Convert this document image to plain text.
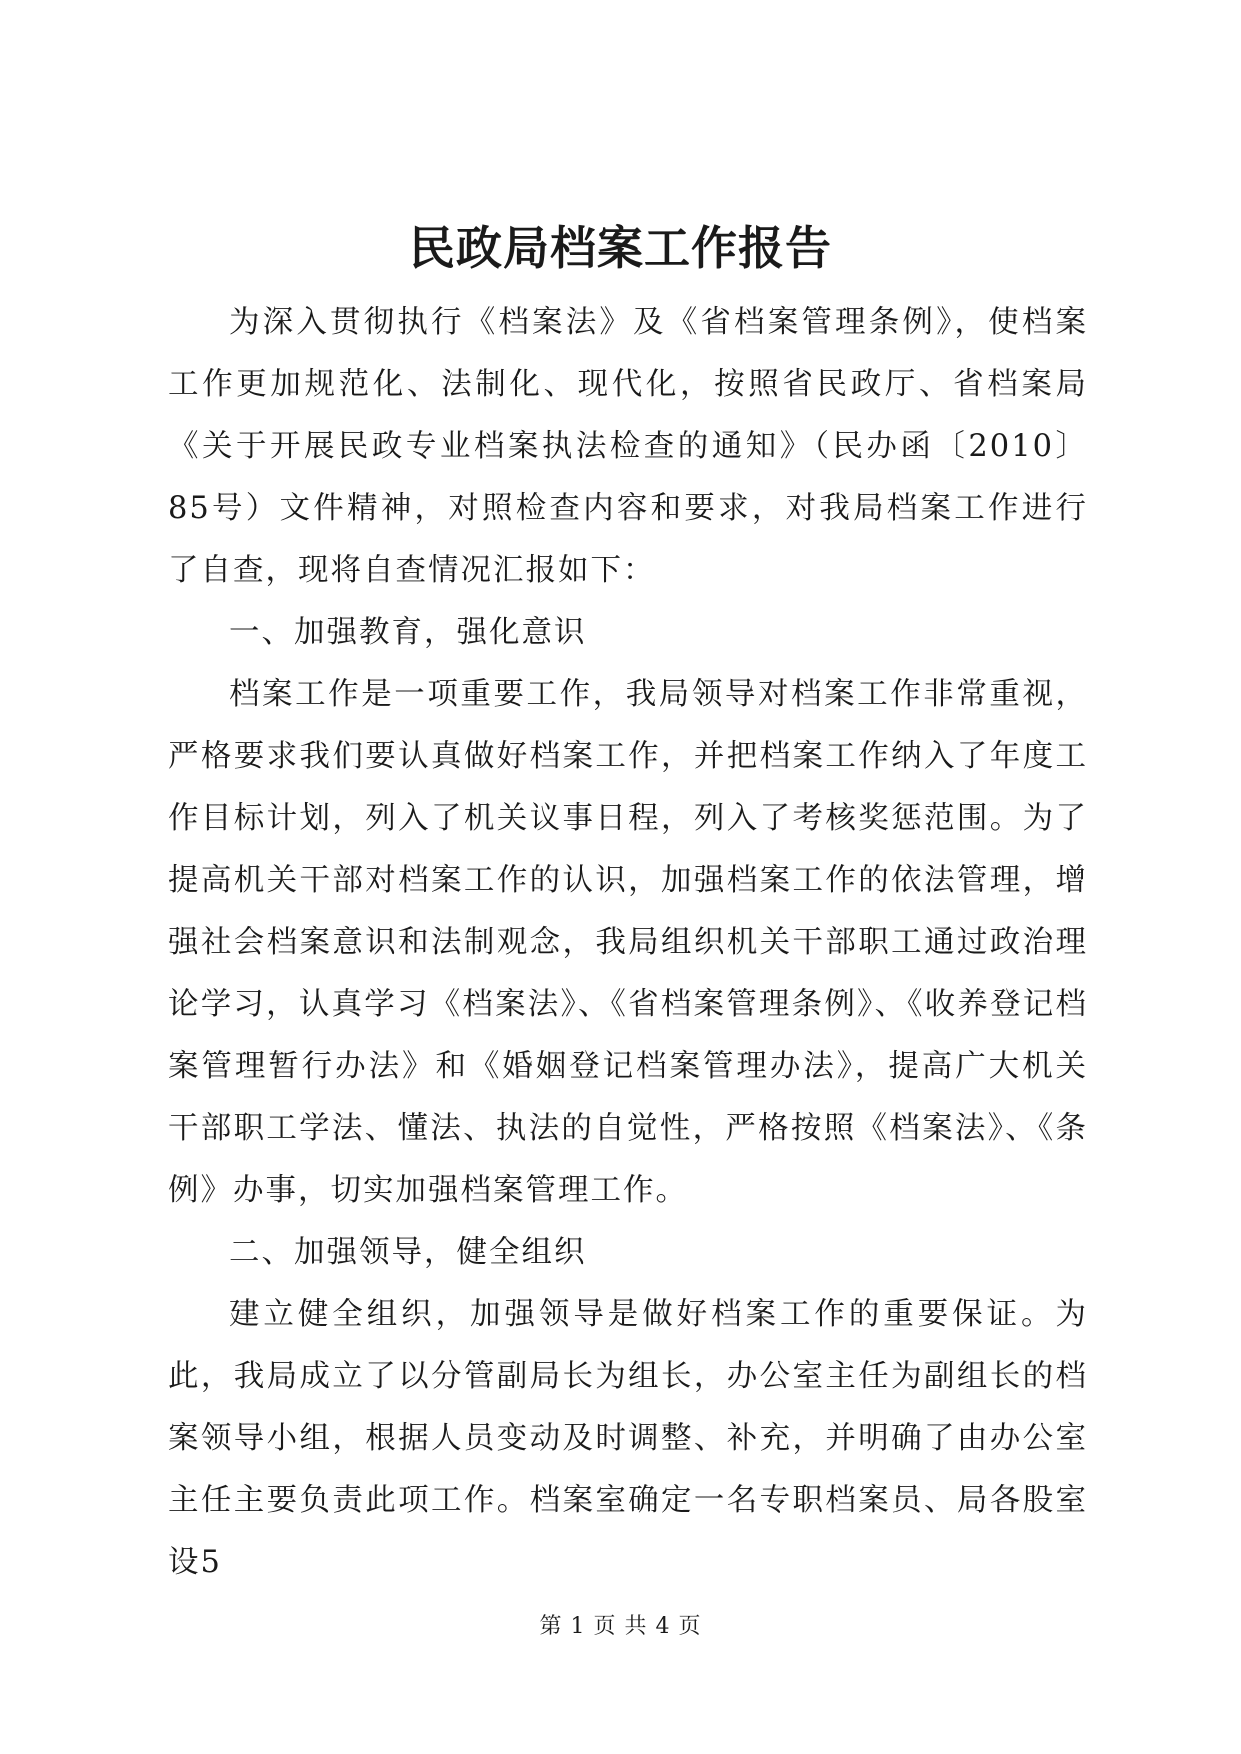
民政局档案工作报告

为深入贯彻执行《档案法》及《省档案管理条例》，使档案工作更加规范化、法制化、现代化，按照省民政厅、省档案局《关于开展民政专业档案执法检查的通知》（民办函〔2010〕85号）文件精神，对照检查内容和要求，对我局档案工作进行了自查，现将自查情况汇报如下：

一、加强教育，强化意识

档案工作是一项重要工作，我局领导对档案工作非常重视，严格要求我们要认真做好档案工作，并把档案工作纳入了年度工作目标计划，列入了机关议事日程，列入了考核奖惩范围。为了提高机关干部对档案工作的认识，加强档案工作的依法管理，增强社会档案意识和法制观念，我局组织机关干部职工通过政治理论学习，认真学习《档案法》、《省档案管理条例》、《收养登记档案管理暂行办法》和《婚姻登记档案管理办法》，提高广大机关干部职工学法、懂法、执法的自觉性，严格按照《档案法》、《条例》办事，切实加强档案管理工作。

二、加强领导，健全组织

建立健全组织，加强领导是做好档案工作的重要保证。为此，我局成立了以分管副局长为组长，办公室主任为副组长的档案领导小组，根据人员变动及时调整、补充，并明确了由办公室主任主要负责此项工作。档案室确定一名专职档案员、局各股室设5

第 1 页 共 4 页
